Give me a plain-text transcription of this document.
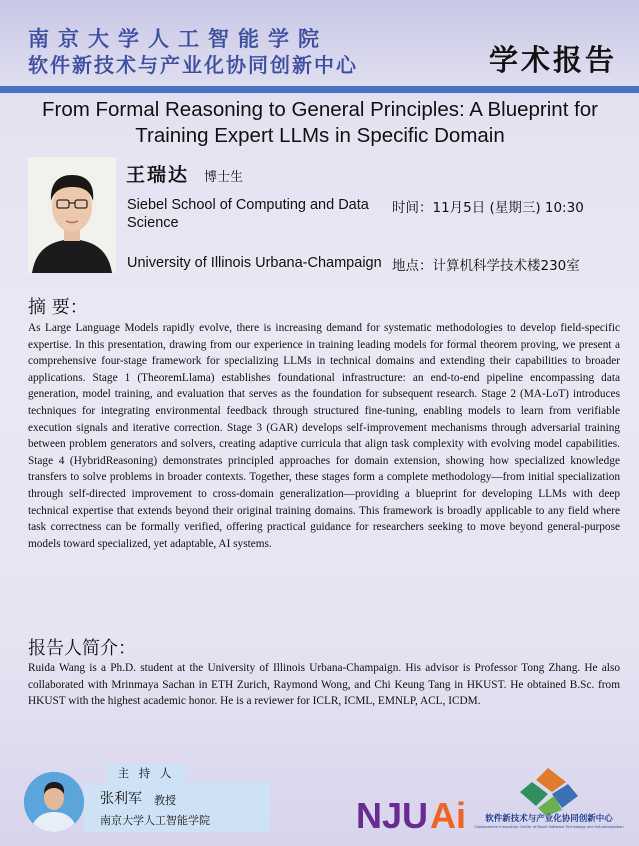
南京大学人工智能学院
软件新技术与产业化协同创新中心	学术报告
From Formal Reasoning to General Principles: A Blueprint for
Training Expert LLMs in Specific Domain
王瑞达 博士生
Siebel School of Computing and Data Science
University of Illinois Urbana-Champaign
时间：11月5日 (星期三) 10:30
地点：计算机科学技术楼230室
摘 要：

As Large Language Models rapidly evolve, there is increasing demand for systematic methodologies to develop field-specific expertise. In this presentation, drawing from our experience in training leading models for formal theorem proving, we present a comprehensive four-stage framework for specializing LLMs in technical domains and extending their capabilities to broader applications. Stage 1 (TheoremLlama) establishes foundational infrastructure: an end-to-end pipeline encompassing data generation, model training, and evaluation that serves as the foundation for subsequent research. Stage 2 (MA-LoT) introduces techniques for integrating environmental feedback through structured fine-tuning, enabling models to learn from verifiable execution signals and iterative correction. Stage 3 (GAR) develops self-improvement mechanisms through adversarial training between problem generators and solvers, creating adaptive curricula that align task complexity with evolving model capabilities. Stage 4 (HybridReasoning) demonstrates principled approaches for domain extension, showing how specialized knowledge transfers to solve problems in broader contexts. Together, these stages form a complete methodology—from initial specialization through self-directed improvement to cross-domain generalization—providing a blueprint for developing LLMs with deep technical expertise that extends beyond their original training domains. This framework is broadly applicable to any field where task correctness can be formally verified, offering practical guidance for researchers seeking to move beyond general-purpose models toward specialized, yet adaptable, AI systems.

报告人简介：

Ruida Wang is a Ph.D. student at the University of Illinois Urbana-Champaign. His advisor is Professor Tong Zhang. He also collaborated with Mrinmaya Sachan in ETH Zurich, Raymond Wong, and Chi Keung Tang in HKUST. He obtained B.Sc. from HKUST with the highest academic honor. He is a reviewer for ICLR, ICML, EMNLP, ACL, ICDM.

主 持 人
张利军 教授
南京大学人工智能学院	NJU Ai	软件新技术与产业化协同创新中心
Collaborative Innovation Center of Novel Software Technology and Industrialization
